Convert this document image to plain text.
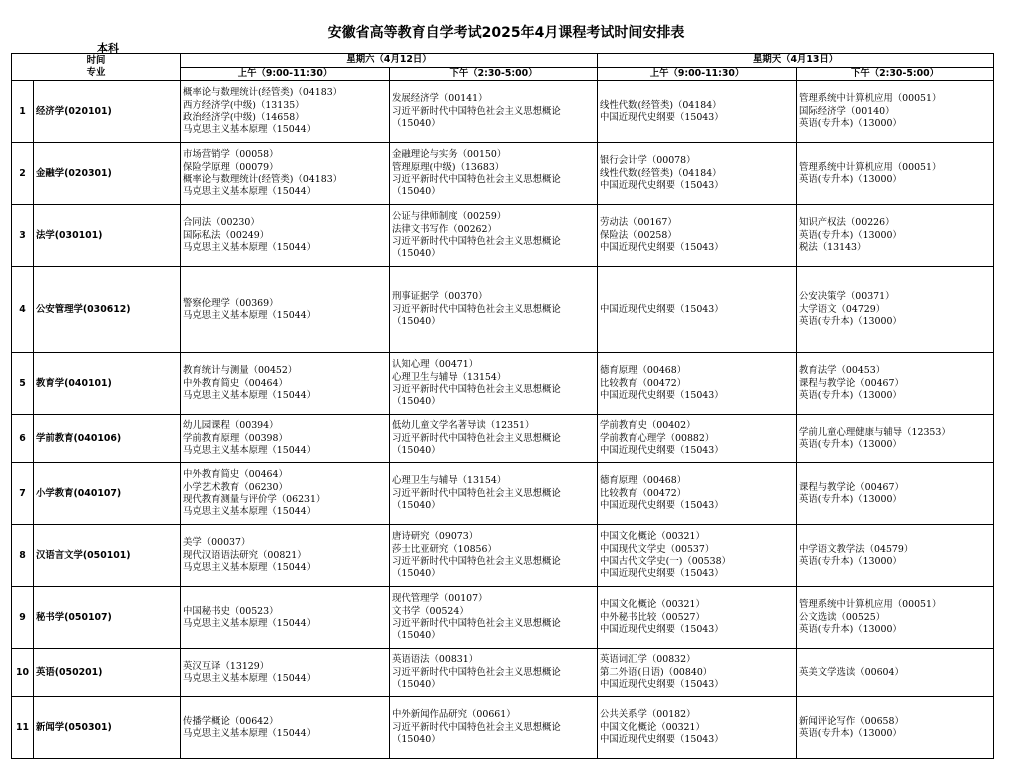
安徽省高等教育自学考试2025年4月课程考试时间安排表
本科
时间
专业		星期六（4月12日）		星期天（4月13日）	
		上午（9:00-11:30）	下午（2:30-5:00）	上午（9:00-11:30）	下午（2:30-5:00）
1	经济学(020101)	概率论与数理统计(经管类)（04183）
西方经济学(中级)（13135）
政治经济学(中级)（14658）
马克思主义基本原理（15044）	发展经济学（00141）
习近平新时代中国特色社会主义思想概论
（15040）	线性代数(经管类)（04184）
中国近现代史纲要（15043）	管理系统中计算机应用（00051）
国际经济学（00140）
英语(专升本)（13000）

2	金融学(020301)	市场营销学（00058）
保险学原理（00079）
概率论与数理统计(经管类)（04183）
马克思主义基本原理（15044）	金融理论与实务（00150）
管理原理(中级)（13683）
习近平新时代中国特色社会主义思想概论
（15040）	银行会计学（00078）
线性代数(经管类)（04184）
中国近现代史纲要（15043）	管理系统中计算机应用（00051）
英语(专升本)（13000）

3	法学(030101)	合同法（00230）
国际私法（00249）
马克思主义基本原理（15044）	公证与律师制度（00259）
法律文书写作（00262）
习近平新时代中国特色社会主义思想概论
（15040）	劳动法（00167）
保险法（00258）
中国近现代史纲要（15043）	知识产权法（00226）
英语(专升本)（13000）
税法（13143）

4	公安管理学(030612)	警察伦理学（00369）
马克思主义基本原理（15044）	刑事证据学（00370）
习近平新时代中国特色社会主义思想概论
（15040）	中国近现代史纲要（15043）	公安决策学（00371）
大学语文（04729）
英语(专升本)（13000）

5	教育学(040101)	教育统计与测量（00452）
中外教育简史（00464）
马克思主义基本原理（15044）	认知心理（00471）
心理卫生与辅导（13154）
习近平新时代中国特色社会主义思想概论
（15040）	德育原理（00468）
比较教育（00472）
中国近现代史纲要（15043）	教育法学（00453）
课程与教学论（00467）
英语(专升本)（13000）

6	学前教育(040106)	幼儿园课程（00394）
学前教育原理（00398）
马克思主义基本原理（15044）	低幼儿童文学名著导读（12351）
习近平新时代中国特色社会主义思想概论
（15040）	学前教育史（00402）
学前教育心理学（00882）
中国近现代史纲要（15043）	学前儿童心理健康与辅导（12353）
英语(专升本)（13000）

7	小学教育(040107)	中外教育简史（00464）
小学艺术教育（06230）
现代教育测量与评价学（06231）
马克思主义基本原理（15044）	心理卫生与辅导（13154）
习近平新时代中国特色社会主义思想概论
（15040）	德育原理（00468）
比较教育（00472）
中国近现代史纲要（15043）	课程与教学论（00467）
英语(专升本)（13000）

8	汉语言文学(050101)	美学（00037）
现代汉语语法研究（00821）
马克思主义基本原理（15044）	唐诗研究（09073）
莎士比亚研究（10856）
习近平新时代中国特色社会主义思想概论
（15040）	中国文化概论（00321）
中国现代文学史（00537）
中国古代文学史(一)（00538）
中国近现代史纲要（15043）	中学语文教学法（04579）
英语(专升本)（13000）

9	秘书学(050107)	中国秘书史（00523）
马克思主义基本原理（15044）	现代管理学（00107）
文书学（00524）
习近平新时代中国特色社会主义思想概论
（15040）	中国文化概论（00321）
中外秘书比较（00527）
中国近现代史纲要（15043）	管理系统中计算机应用（00051）
公文选读（00525）
英语(专升本)（13000）

10	英语(050201)	英汉互译（13129）
马克思主义基本原理（15044）	英语语法（00831）
习近平新时代中国特色社会主义思想概论
（15040）	英语词汇学（00832）
第二外语(日语)（00840）
中国近现代史纲要（15043）	英美文学选读（00604）

11	新闻学(050301)	传播学概论（00642）
马克思主义基本原理（15044）	中外新闻作品研究（00661）
习近平新时代中国特色社会主义思想概论
（15040）	公共关系学（00182）
中国文化概论（00321）
中国近现代史纲要（15043）	新闻评论写作（00658）
英语(专升本)（13000）
